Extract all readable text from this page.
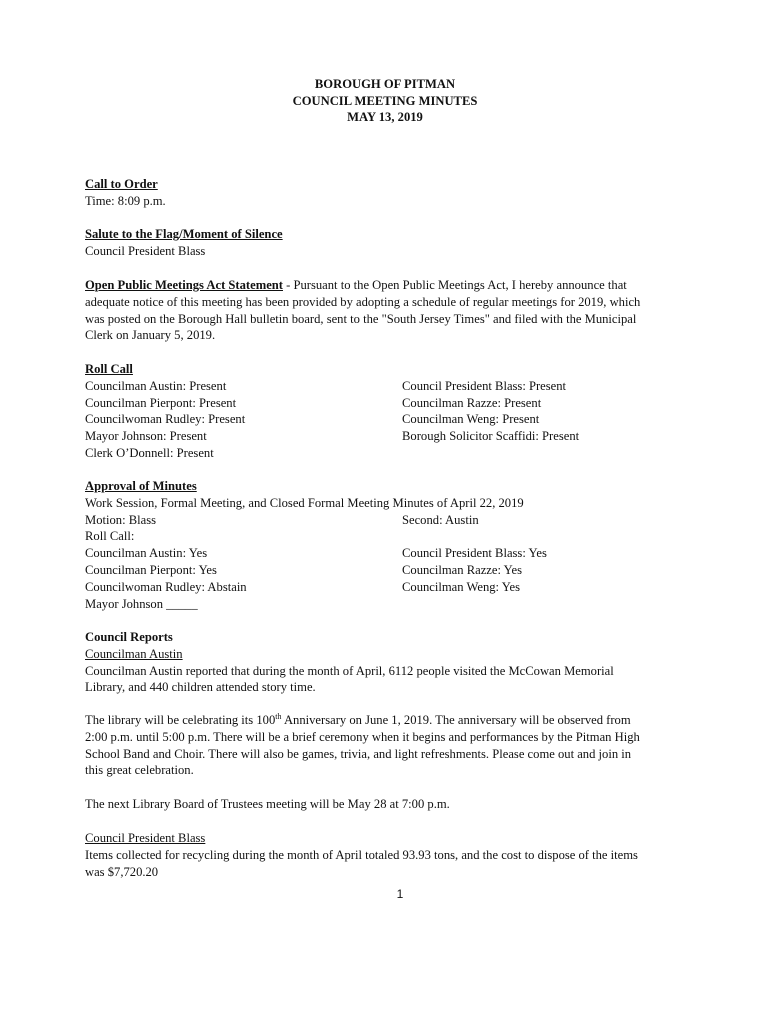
BOROUGH OF PITMAN
COUNCIL MEETING MINUTES
MAY 13, 2019
Call to Order
Time: 8:09 p.m.
Salute to the Flag/Moment of Silence
Council President Blass
Open Public Meetings Act Statement - Pursuant to the Open Public Meetings Act, I hereby announce that
adequate notice of this meeting has been provided by adopting a schedule of regular meetings for 2019, which
was posted on the Borough Hall bulletin board, sent to the "South Jersey Times" and filed with the Municipal
Clerk on January 5, 2019.
Roll Call
Councilman Austin: Present	Council President Blass: Present
Councilman Pierpont: Present	Councilman Razze: Present
Councilwoman Rudley: Present	Councilman Weng: Present
Mayor Johnson: Present	Borough Solicitor Scaffidi: Present
Clerk O’Donnell: Present
Approval of Minutes
Work Session, Formal Meeting, and Closed Formal Meeting Minutes of April 22, 2019
Motion: Blass	Second: Austin
Roll Call:
Councilman Austin: Yes	Council President Blass: Yes
Councilman Pierpont: Yes	Councilman Razze: Yes
Councilwoman Rudley: Abstain	Councilman Weng: Yes
Mayor Johnson _____
Council Reports
Councilman Austin
Councilman Austin reported that during the month of April, 6112 people visited the McCowan Memorial
Library, and 440 children attended story time.
The library will be celebrating its 100th Anniversary on June 1, 2019. The anniversary will be observed from
2:00 p.m. until 5:00 p.m. There will be a brief ceremony when it begins and performances by the Pitman High
School Band and Choir. There will also be games, trivia, and light refreshments. Please come out and join in
this great celebration.
The next Library Board of Trustees meeting will be May 28 at 7:00 p.m.
Council President Blass
Items collected for recycling during the month of April totaled 93.93 tons, and the cost to dispose of the items
was $7,720.20
1
